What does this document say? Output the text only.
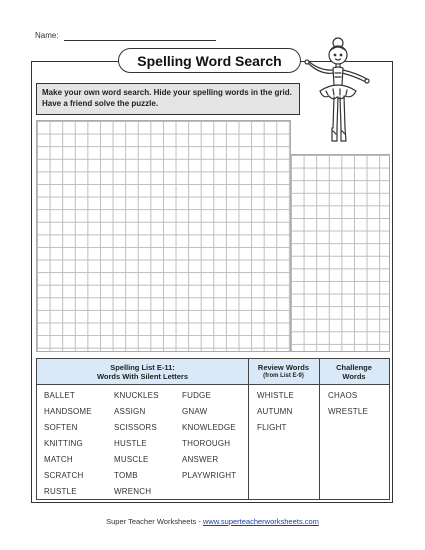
Name:
Spelling Word Search
Make your own word search. Hide your spelling words in the grid. Have a friend solve the puzzle.
Spelling List E-11:
Words With Silent Letters
Review Words
(from List E-9)
Challenge
Words
BALLET
HANDSOME
SOFTEN
KNITTING
MATCH
SCRATCH
RUSTLE
KNUCKLES
ASSIGN
SCISSORS
HUSTLE
MUSCLE
TOMB
WRENCH
FUDGE
GNAW
KNOWLEDGE
THOROUGH
ANSWER
PLAYWRIGHT
WHISTLE
AUTUMN
FLIGHT
CHAOS
WRESTLE
Super Teacher Worksheets - www.superteacherworksheets.com
